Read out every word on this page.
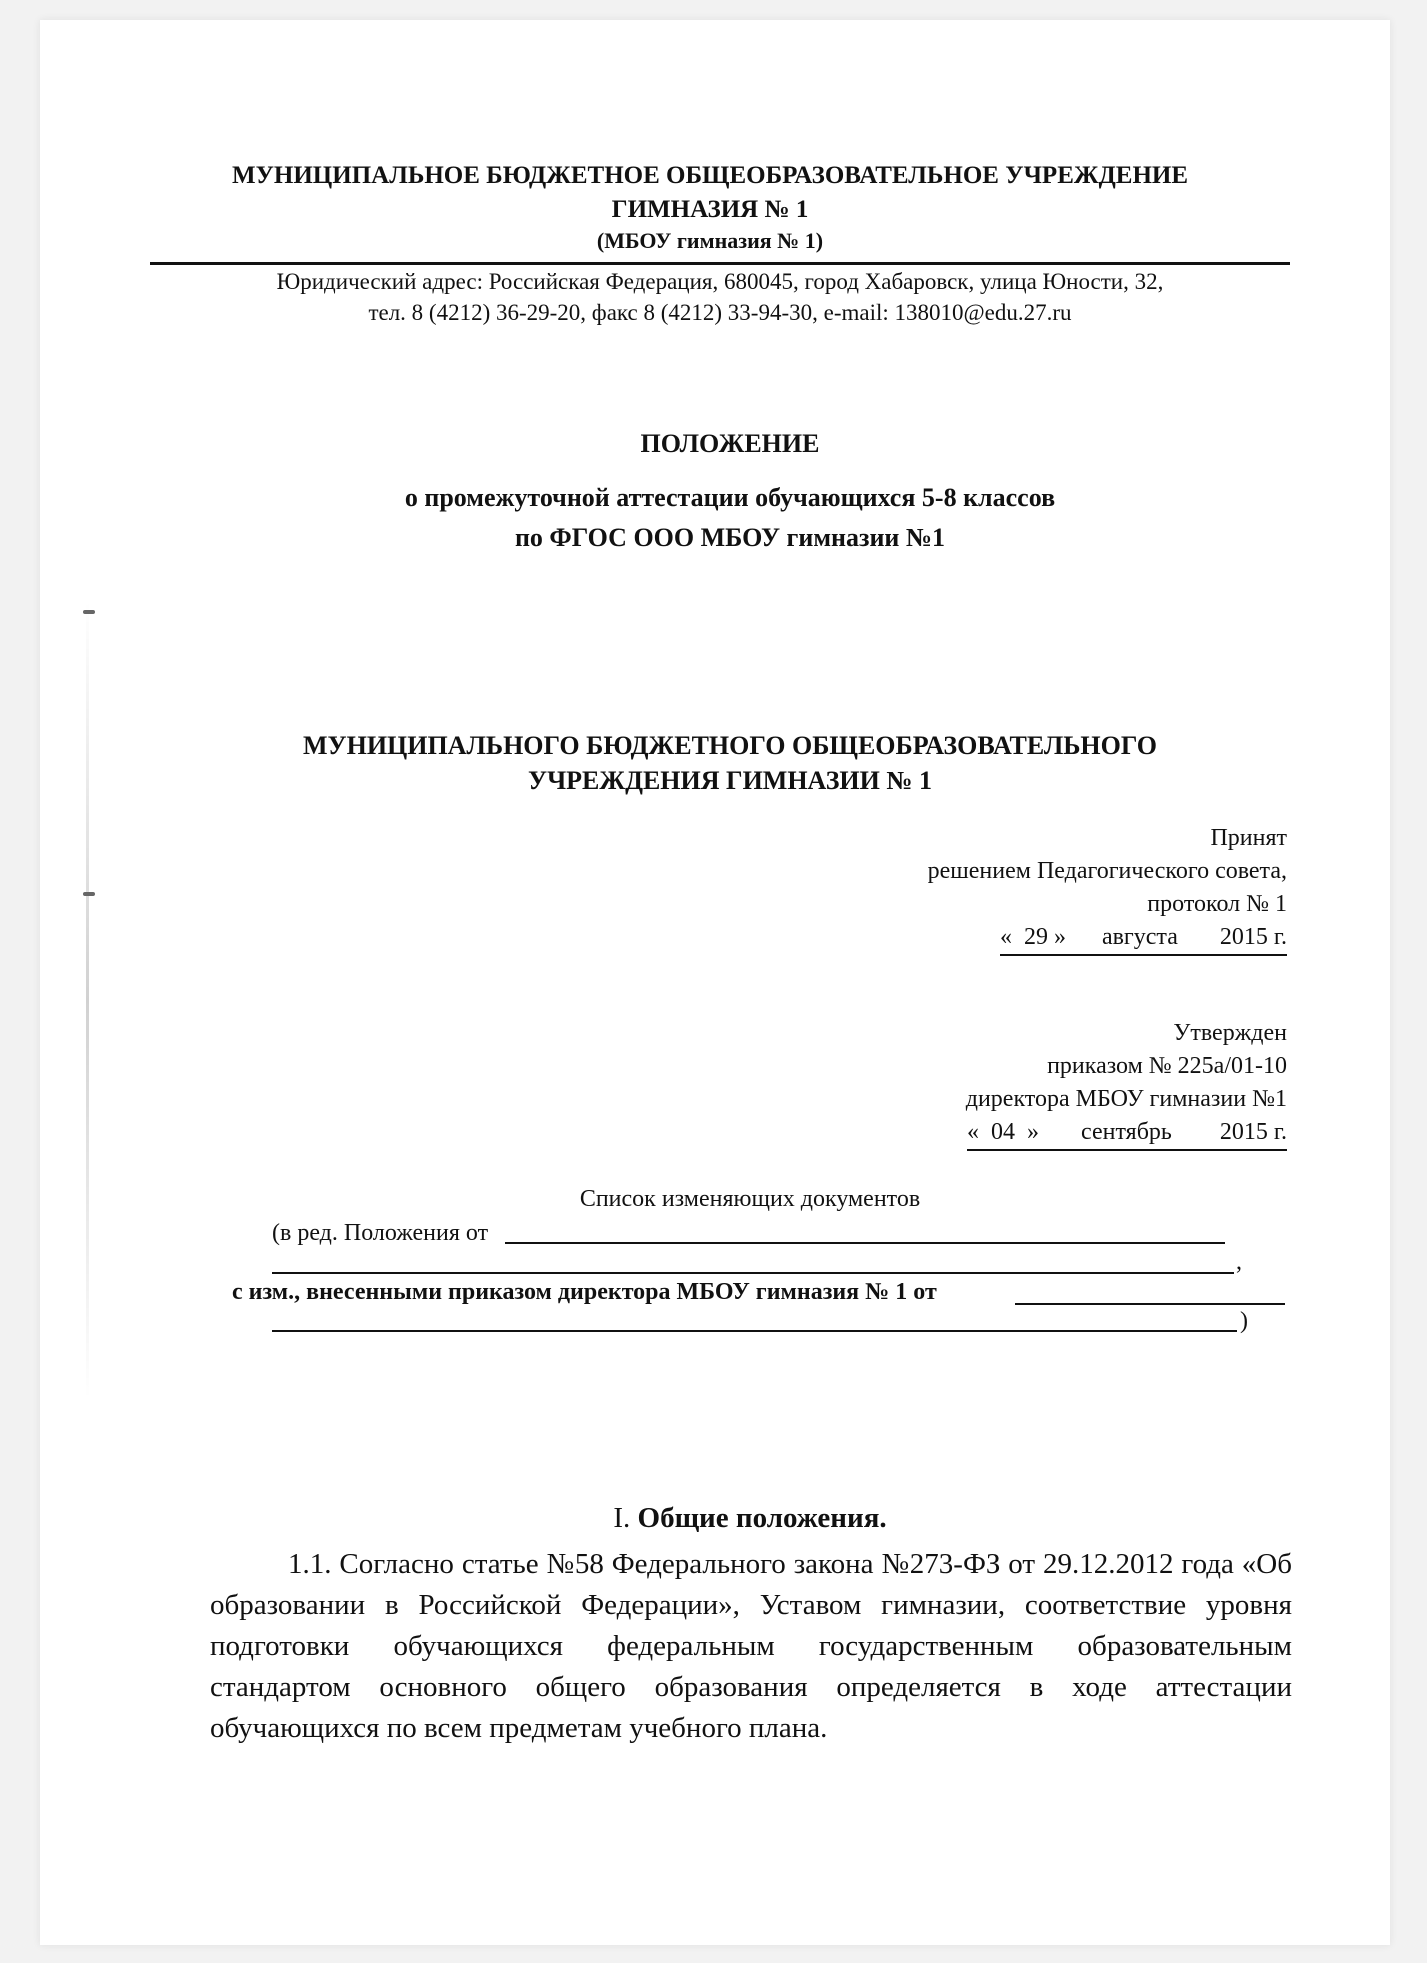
МУНИЦИПАЛЬНОЕ БЮДЖЕТНОЕ ОБЩЕОБРАЗОВАТЕЛЬНОЕ УЧРЕЖДЕНИЕ
ГИМНАЗИЯ № 1
(МБОУ гимназия № 1)
Юридический адрес: Российская Федерация, 680045, город Хабаровск, улица Юности, 32,
тел. 8 (4212) 36-29-20, факс 8 (4212) 33-94-30, e-mail: 138010@edu.27.ru
ПОЛОЖЕНИЕ
о промежуточной аттестации обучающихся 5-8 классов
по ФГОС ООО МБОУ гимназии №1
МУНИЦИПАЛЬНОГО БЮДЖЕТНОГО ОБЩЕОБРАЗОВАТЕЛЬНОГО
УЧРЕЖДЕНИЯ ГИМНАЗИИ № 1
Принят
решением Педагогического совета,
протокол № 1
«  29 »      августа       2015 г.
Утвержден
приказом № 225а/01-10
директора МБОУ гимназии №1
«  04  »       сентябрь        2015 г.
Список изменяющих документов
(в ред. Положения от
,
с изм., внесенными приказом директора МБОУ гимназия № 1 от
)
I. Общие положения.
1.1. Согласно статье №58 Федерального закона №273-ФЗ от 29.12.2012 года «Об образовании в Российской Федерации», Уставом гимназии, соответствие уровня подготовки обучающихся федеральным государственным образовательным стандартом основного общего образования определяется в ходе аттестации обучающихся по всем предметам учебного плана.
